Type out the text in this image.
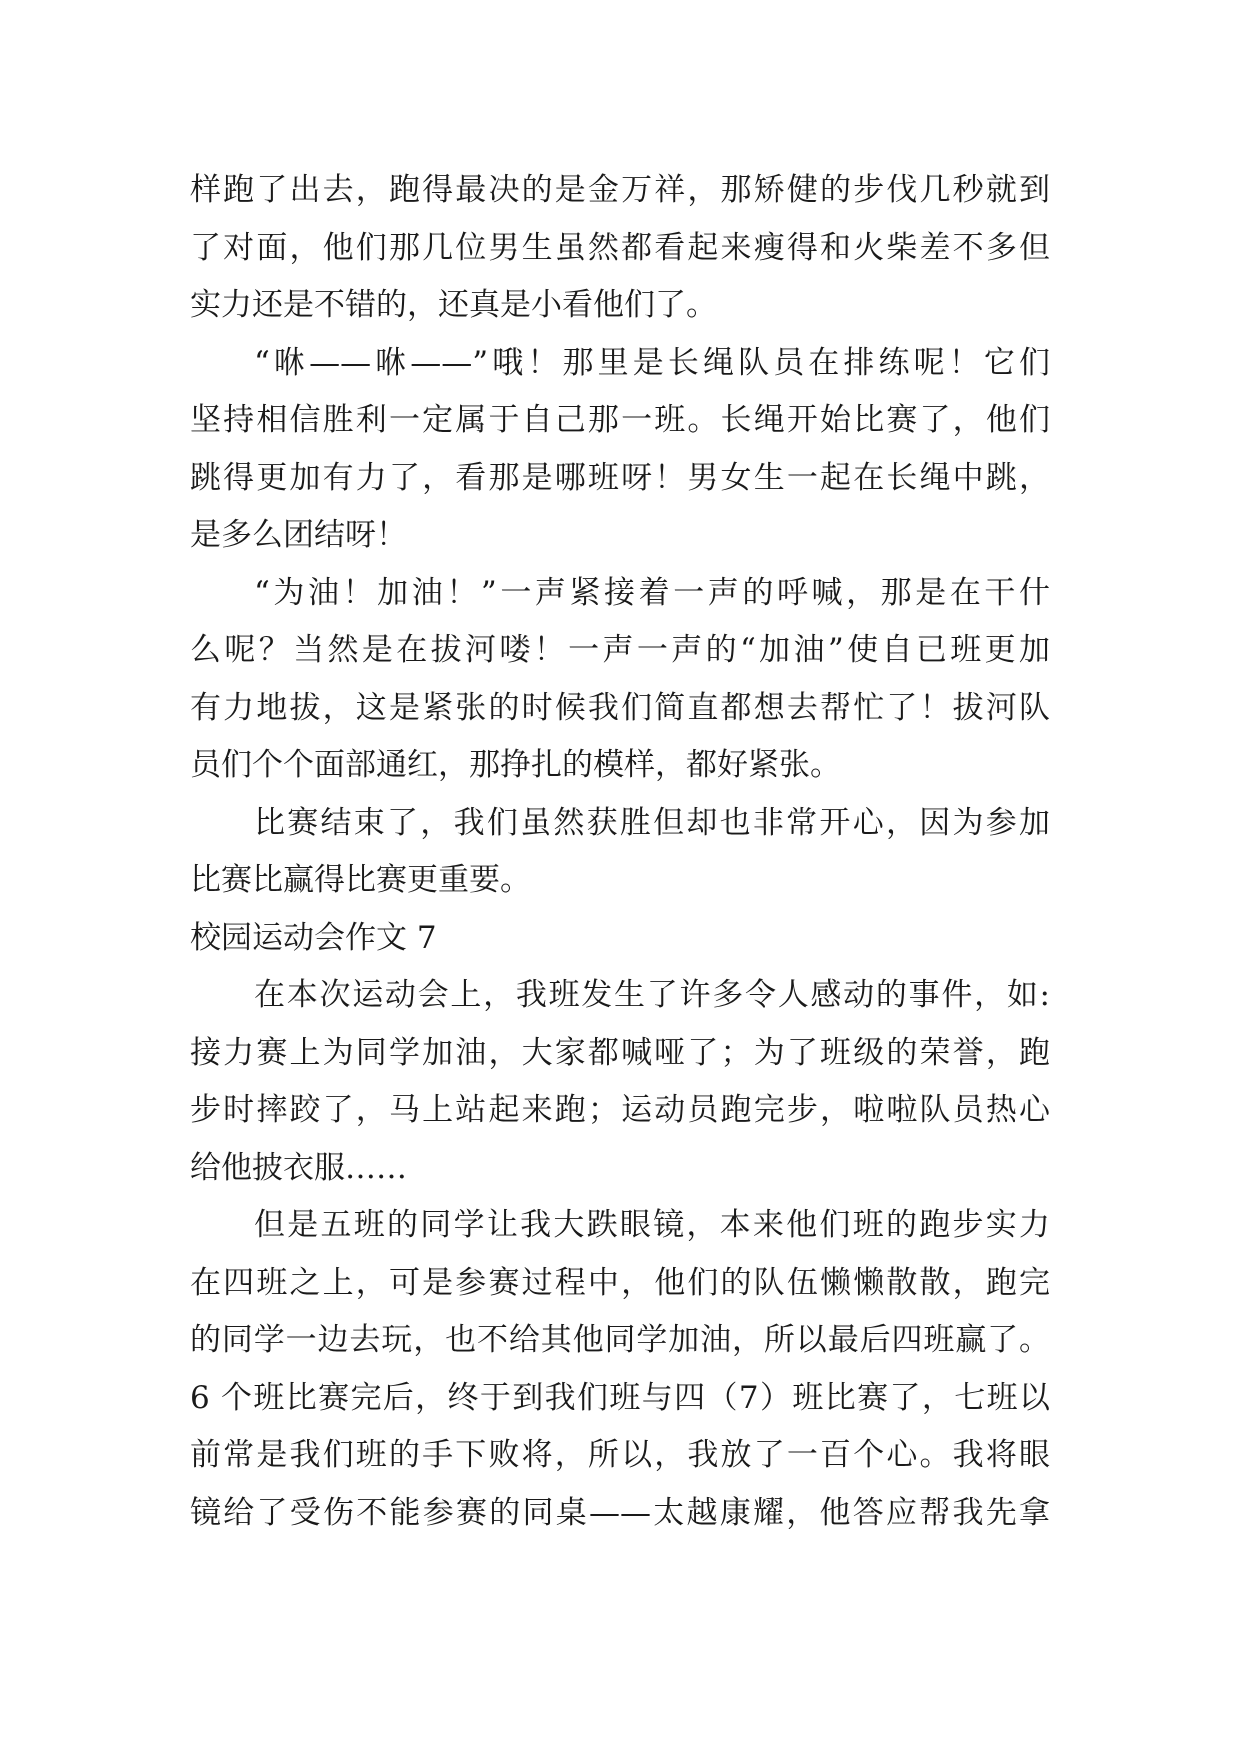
样跑了出去，跑得最决的是金万祥，那矫健的步伐几秒就到
了对面，他们那几位男生虽然都看起来瘦得和火柴差不多但
实力还是不错的，还真是小看他们了。
“咻——咻——”哦！那里是长绳队员在排练呢！它们
坚持相信胜利一定属于自己那一班。长绳开始比赛了，他们
跳得更加有力了，看那是哪班呀！男女生一起在长绳中跳，
是多么团结呀！
“为油！加油！”一声紧接着一声的呼喊，那是在干什
么呢？当然是在拔河喽！一声一声的“加油”使自已班更加
有力地拔，这是紧张的时候我们简直都想去帮忙了！拔河队
员们个个面部通红，那挣扎的模样，都好紧张。
比赛结束了，我们虽然获胜但却也非常开心，因为参加
比赛比赢得比赛更重要。
校园运动会作文 7
在本次运动会上，我班发生了许多令人感动的事件，如:
接力赛上为同学加油，大家都喊哑了；为了班级的荣誉，跑
步时摔跤了，马上站起来跑；运动员跑完步，啦啦队员热心
给他披衣服……
但是五班的同学让我大跌眼镜，本来他们班的跑步实力
在四班之上，可是参赛过程中，他们的队伍懒懒散散，跑完
的同学一边去玩，也不给其他同学加油，所以最后四班赢了。
6 个班比赛完后，终于到我们班与四（7）班比赛了，七班以
前常是我们班的手下败将，所以，我放了一百个心。我将眼
镜给了受伤不能参赛的同桌——太越康耀，他答应帮我先拿
